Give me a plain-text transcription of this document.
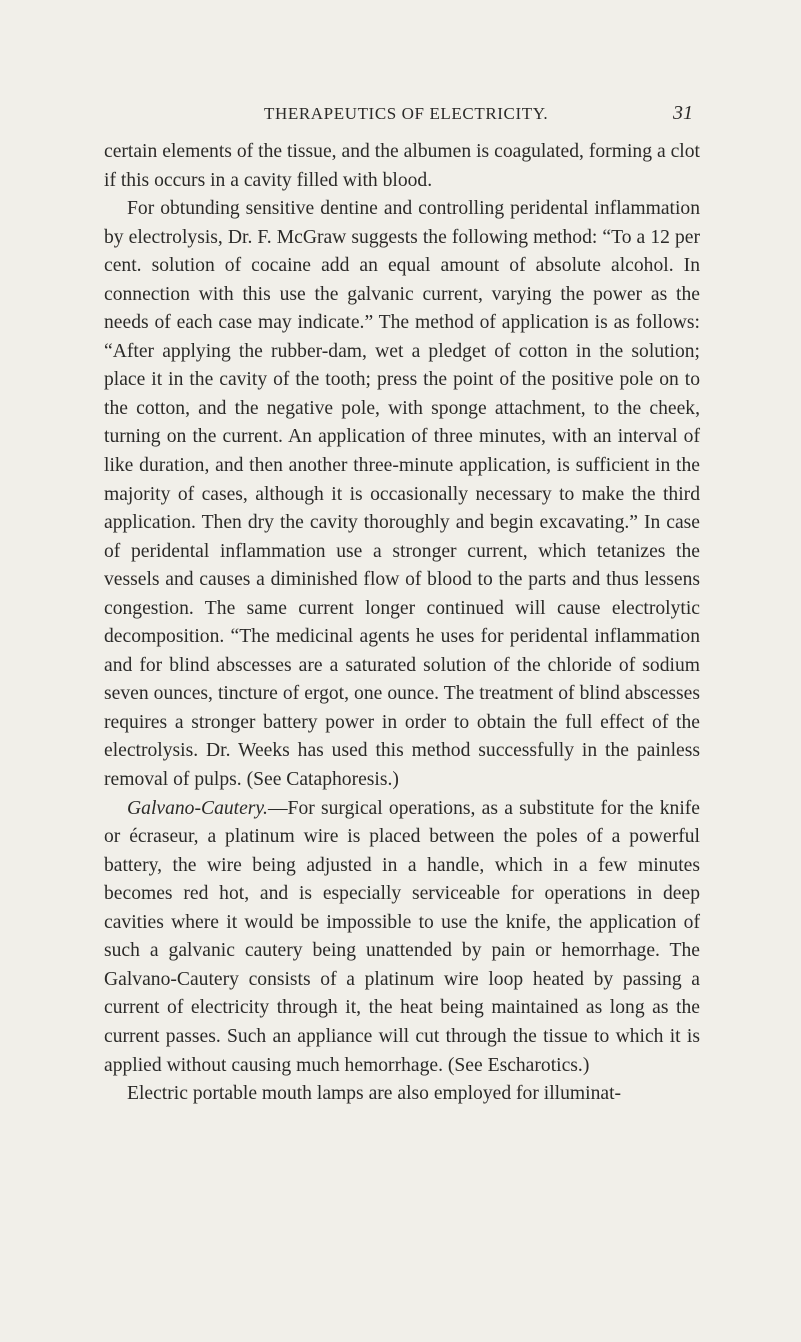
THERAPEUTICS OF ELECTRICITY.	31

certain elements of the tissue, and the albumen is coagulated, forming a clot if this occurs in a cavity filled with blood.

For obtunding sensitive dentine and controlling peridental inflammation by electrolysis, Dr. F. McGraw suggests the following method: “To a 12 per cent. solution of cocaine add an equal amount of absolute alcohol. In connection with this use the galvanic current, varying the power as the needs of each case may indicate.” The method of application is as follows: “After applying the rubber-dam, wet a pledget of cotton in the solution; place it in the cavity of the tooth; press the point of the positive pole on to the cotton, and the negative pole, with sponge attachment, to the cheek, turning on the current. An application of three minutes, with an interval of like duration, and then another three-minute application, is sufficient in the majority of cases, although it is occasionally necessary to make the third application. Then dry the cavity thoroughly and begin excavating.” In case of peridental inflammation use a stronger current, which tetanizes the vessels and causes a diminished flow of blood to the parts and thus lessens congestion. The same current longer continued will cause electrolytic decomposition. “The medicinal agents he uses for peridental inflammation and for blind abscesses are a saturated solution of the chloride of sodium seven ounces, tincture of ergot, one ounce. The treatment of blind abscesses requires a stronger battery power in order to obtain the full effect of the electrolysis. Dr. Weeks has used this method successfully in the painless removal of pulps. (See Cataphoresis.)

Galvano-Cautery.—For surgical operations, as a substitute for the knife or écraseur, a platinum wire is placed between the poles of a powerful battery, the wire being adjusted in a handle, which in a few minutes becomes red hot, and is especially serviceable for operations in deep cavities where it would be impossible to use the knife, the application of such a galvanic cautery being unattended by pain or hemorrhage. The Galvano-Cautery consists of a platinum wire loop heated by passing a current of electricity through it, the heat being maintained as long as the current passes. Such an appliance will cut through the tissue to which it is applied without causing much hemorrhage. (See Escharotics.)

Electric portable mouth lamps are also employed for illuminat-
